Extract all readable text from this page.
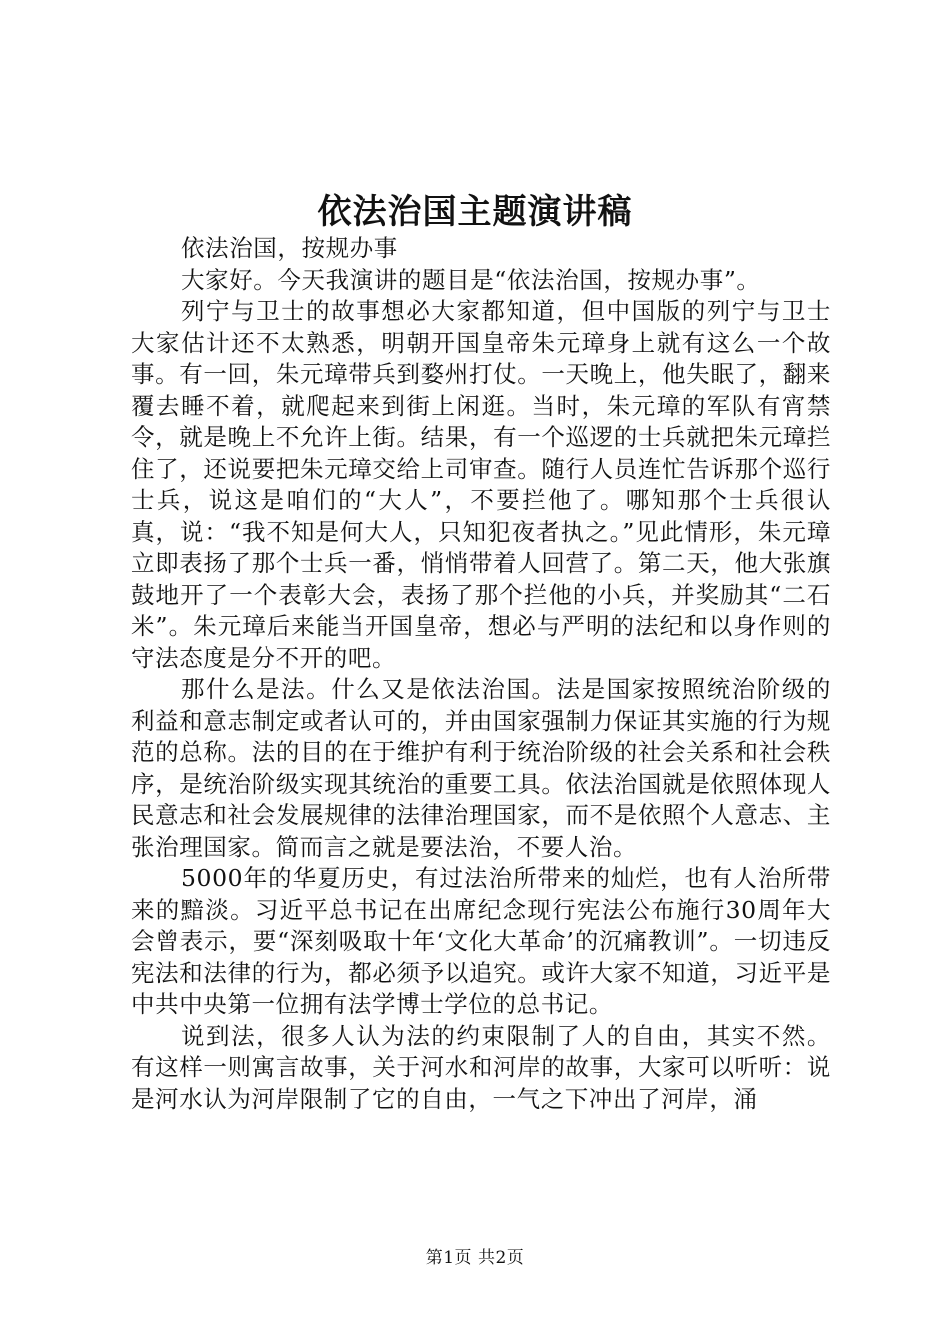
依法治国主题演讲稿

依法治国，按规办事

大家好。今天我演讲的题目是“依法治国，按规办事”。

列宁与卫士的故事想必大家都知道，但中国版的列宁与卫士大家估计还不太熟悉，明朝开国皇帝朱元璋身上就有这么一个故事。有一回，朱元璋带兵到婺州打仗。一天晚上，他失眠了，翻来覆去睡不着，就爬起来到街上闲逛。当时，朱元璋的军队有宵禁令，就是晚上不允许上街。结果，有一个巡逻的士兵就把朱元璋拦住了，还说要把朱元璋交给上司审查。随行人员连忙告诉那个巡行士兵，说这是咱们的“大人”，不要拦他了。哪知那个士兵很认真，说：“我不知是何大人，只知犯夜者执之。”见此情形，朱元璋立即表扬了那个士兵一番，悄悄带着人回营了。第二天，他大张旗鼓地开了一个表彰大会，表扬了那个拦他的小兵，并奖励其“二石米”。朱元璋后来能当开国皇帝，想必与严明的法纪和以身作则的守法态度是分不开的吧。

那什么是法。什么又是依法治国。法是国家按照统治阶级的利益和意志制定或者认可的，并由国家强制力保证其实施的行为规范的总称。法的目的在于维护有利于统治阶级的社会关系和社会秩序，是统治阶级实现其统治的重要工具。依法治国就是依照体现人民意志和社会发展规律的法律治理国家，而不是依照个人意志、主张治理国家。简而言之就是要法治，不要人治。

5000年的华夏历史，有过法治所带来的灿烂，也有人治所带来的黯淡。习近平总书记在出席纪念现行宪法公布施行30周年大会曾表示，要“深刻吸取十年‘文化大革命’的沉痛教训”。一切违反宪法和法律的行为，都必须予以追究。或许大家不知道，习近平是中共中央第一位拥有法学博士学位的总书记。

说到法，很多人认为法的约束限制了人的自由，其实不然。有这样一则寓言故事，关于河水和河岸的故事，大家可以听听：说是河水认为河岸限制了它的自由，一气之下冲出了河岸，涌

第1页 共2页
